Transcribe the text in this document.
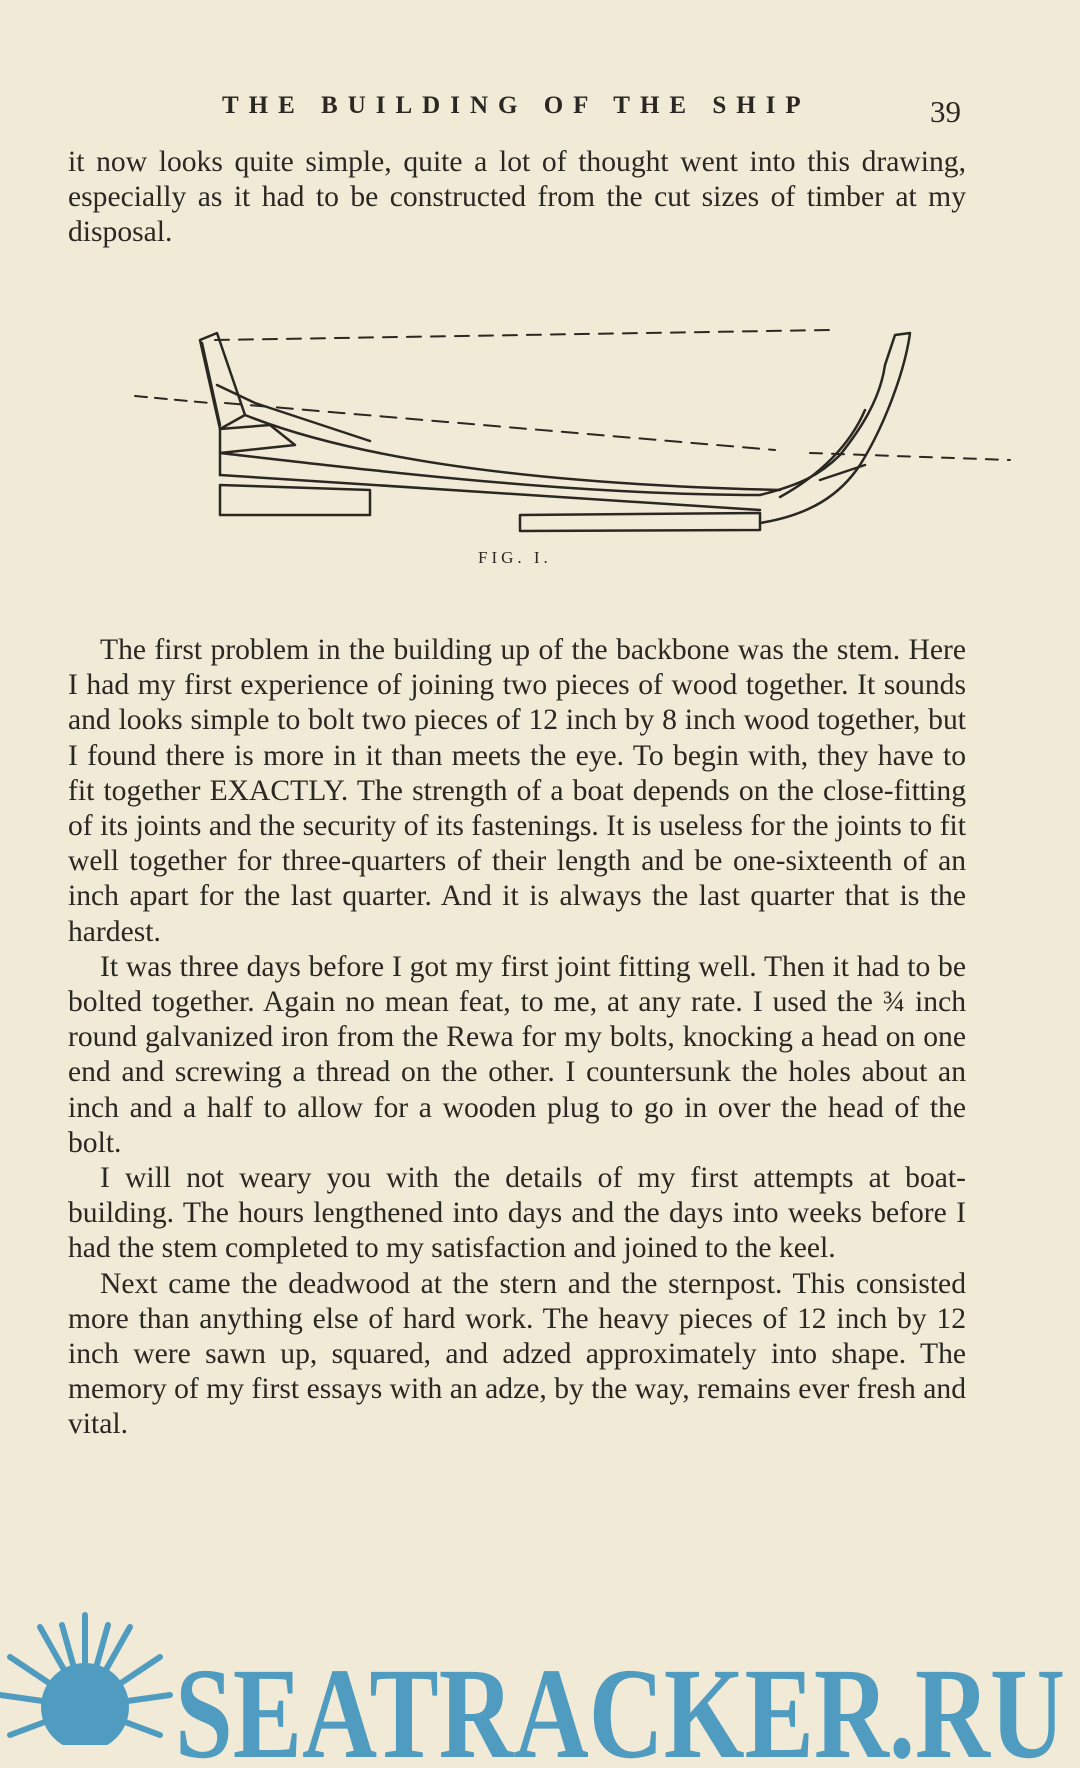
THE BUILDING OF THE SHIP	39

it now looks quite simple, quite a lot of thought went into this drawing, especially as it had to be constructed from the cut sizes of timber at my disposal.

FIG. I.

The first problem in the building up of the backbone was the stem. Here I had my first experience of joining two pieces of wood together. It sounds and looks simple to bolt two pieces of 12 inch by 8 inch wood together, but I found there is more in it than meets the eye. To begin with, they have to fit together EXACTLY. The strength of a boat depends on the close-fitting of its joints and the security of its fastenings. It is useless for the joints to fit well together for three-quarters of their length and be one-sixteenth of an inch apart for the last quarter. And it is always the last quarter that is the hardest.

It was three days before I got my first joint fitting well. Then it had to be bolted together. Again no mean feat, to me, at any rate. I used the ¾ inch round galvanized iron from the Rewa for my bolts, knocking a head on one end and screwing a thread on the other. I countersunk the holes about an inch and a half to allow for a wooden plug to go in over the head of the bolt.

I will not weary you with the details of my first attempts at boat-building. The hours lengthened into days and the days into weeks before I had the stem completed to my satisfaction and joined to the keel.

Next came the deadwood at the stern and the sternpost. This consisted more than anything else of hard work. The heavy pieces of 12 inch by 12 inch were sawn up, squared, and adzed approximately into shape. The memory of my first essays with an adze, by the way, remains ever fresh and vital.

SEATRACKER.RU
